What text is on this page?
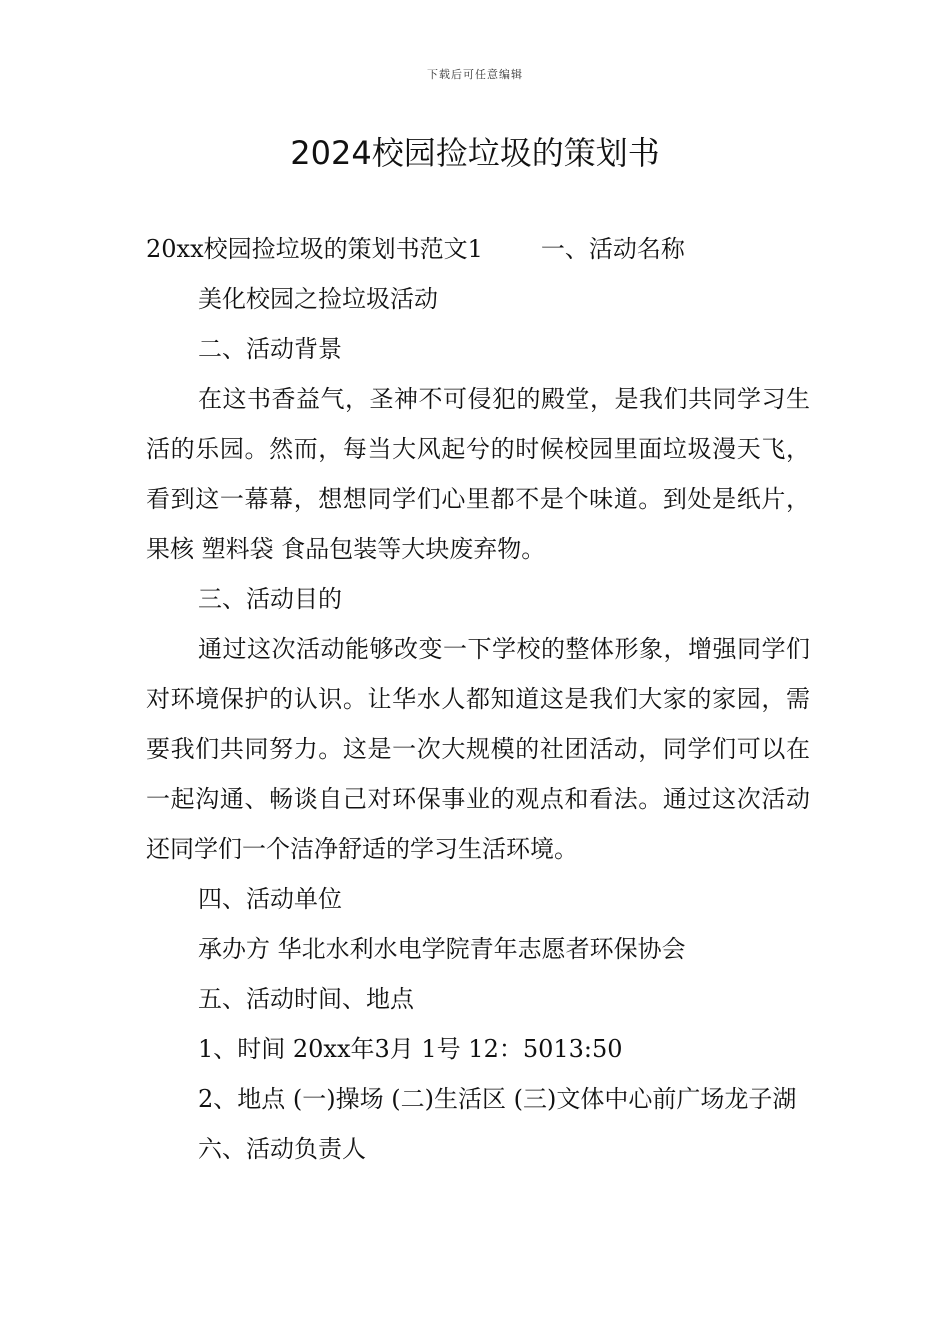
下载后可任意编辑
2024校园捡垃圾的策划书

20xx校园捡垃圾的策划书范文1 一、活动名称

美化校园之捡垃圾活动

二、活动背景

在这书香益气，圣神不可侵犯的殿堂，是我们共同学习生活的乐园。然而，每当大风起兮的时候校园里面垃圾漫天飞，看到这一幕幕，想想同学们心里都不是个味道。到处是纸片，果核 塑料袋 食品包装等大块废弃物。

三、活动目的

通过这次活动能够改变一下学校的整体形象，增强同学们对环境保护的认识。让华水人都知道这是我们大家的家园，需要我们共同努力。这是一次大规模的社团活动，同学们可以在一起沟通、畅谈自己对环保事业的观点和看法。通过这次活动还同学们一个洁净舒适的学习生活环境。

四、活动单位

承办方 华北水利水电学院青年志愿者环保协会

五、活动时间、地点

1、时间 20xx年3月 1号 12：5013:50

2、地点 (一)操场 (二)生活区 (三)文体中心前广场龙子湖

六、活动负责人
